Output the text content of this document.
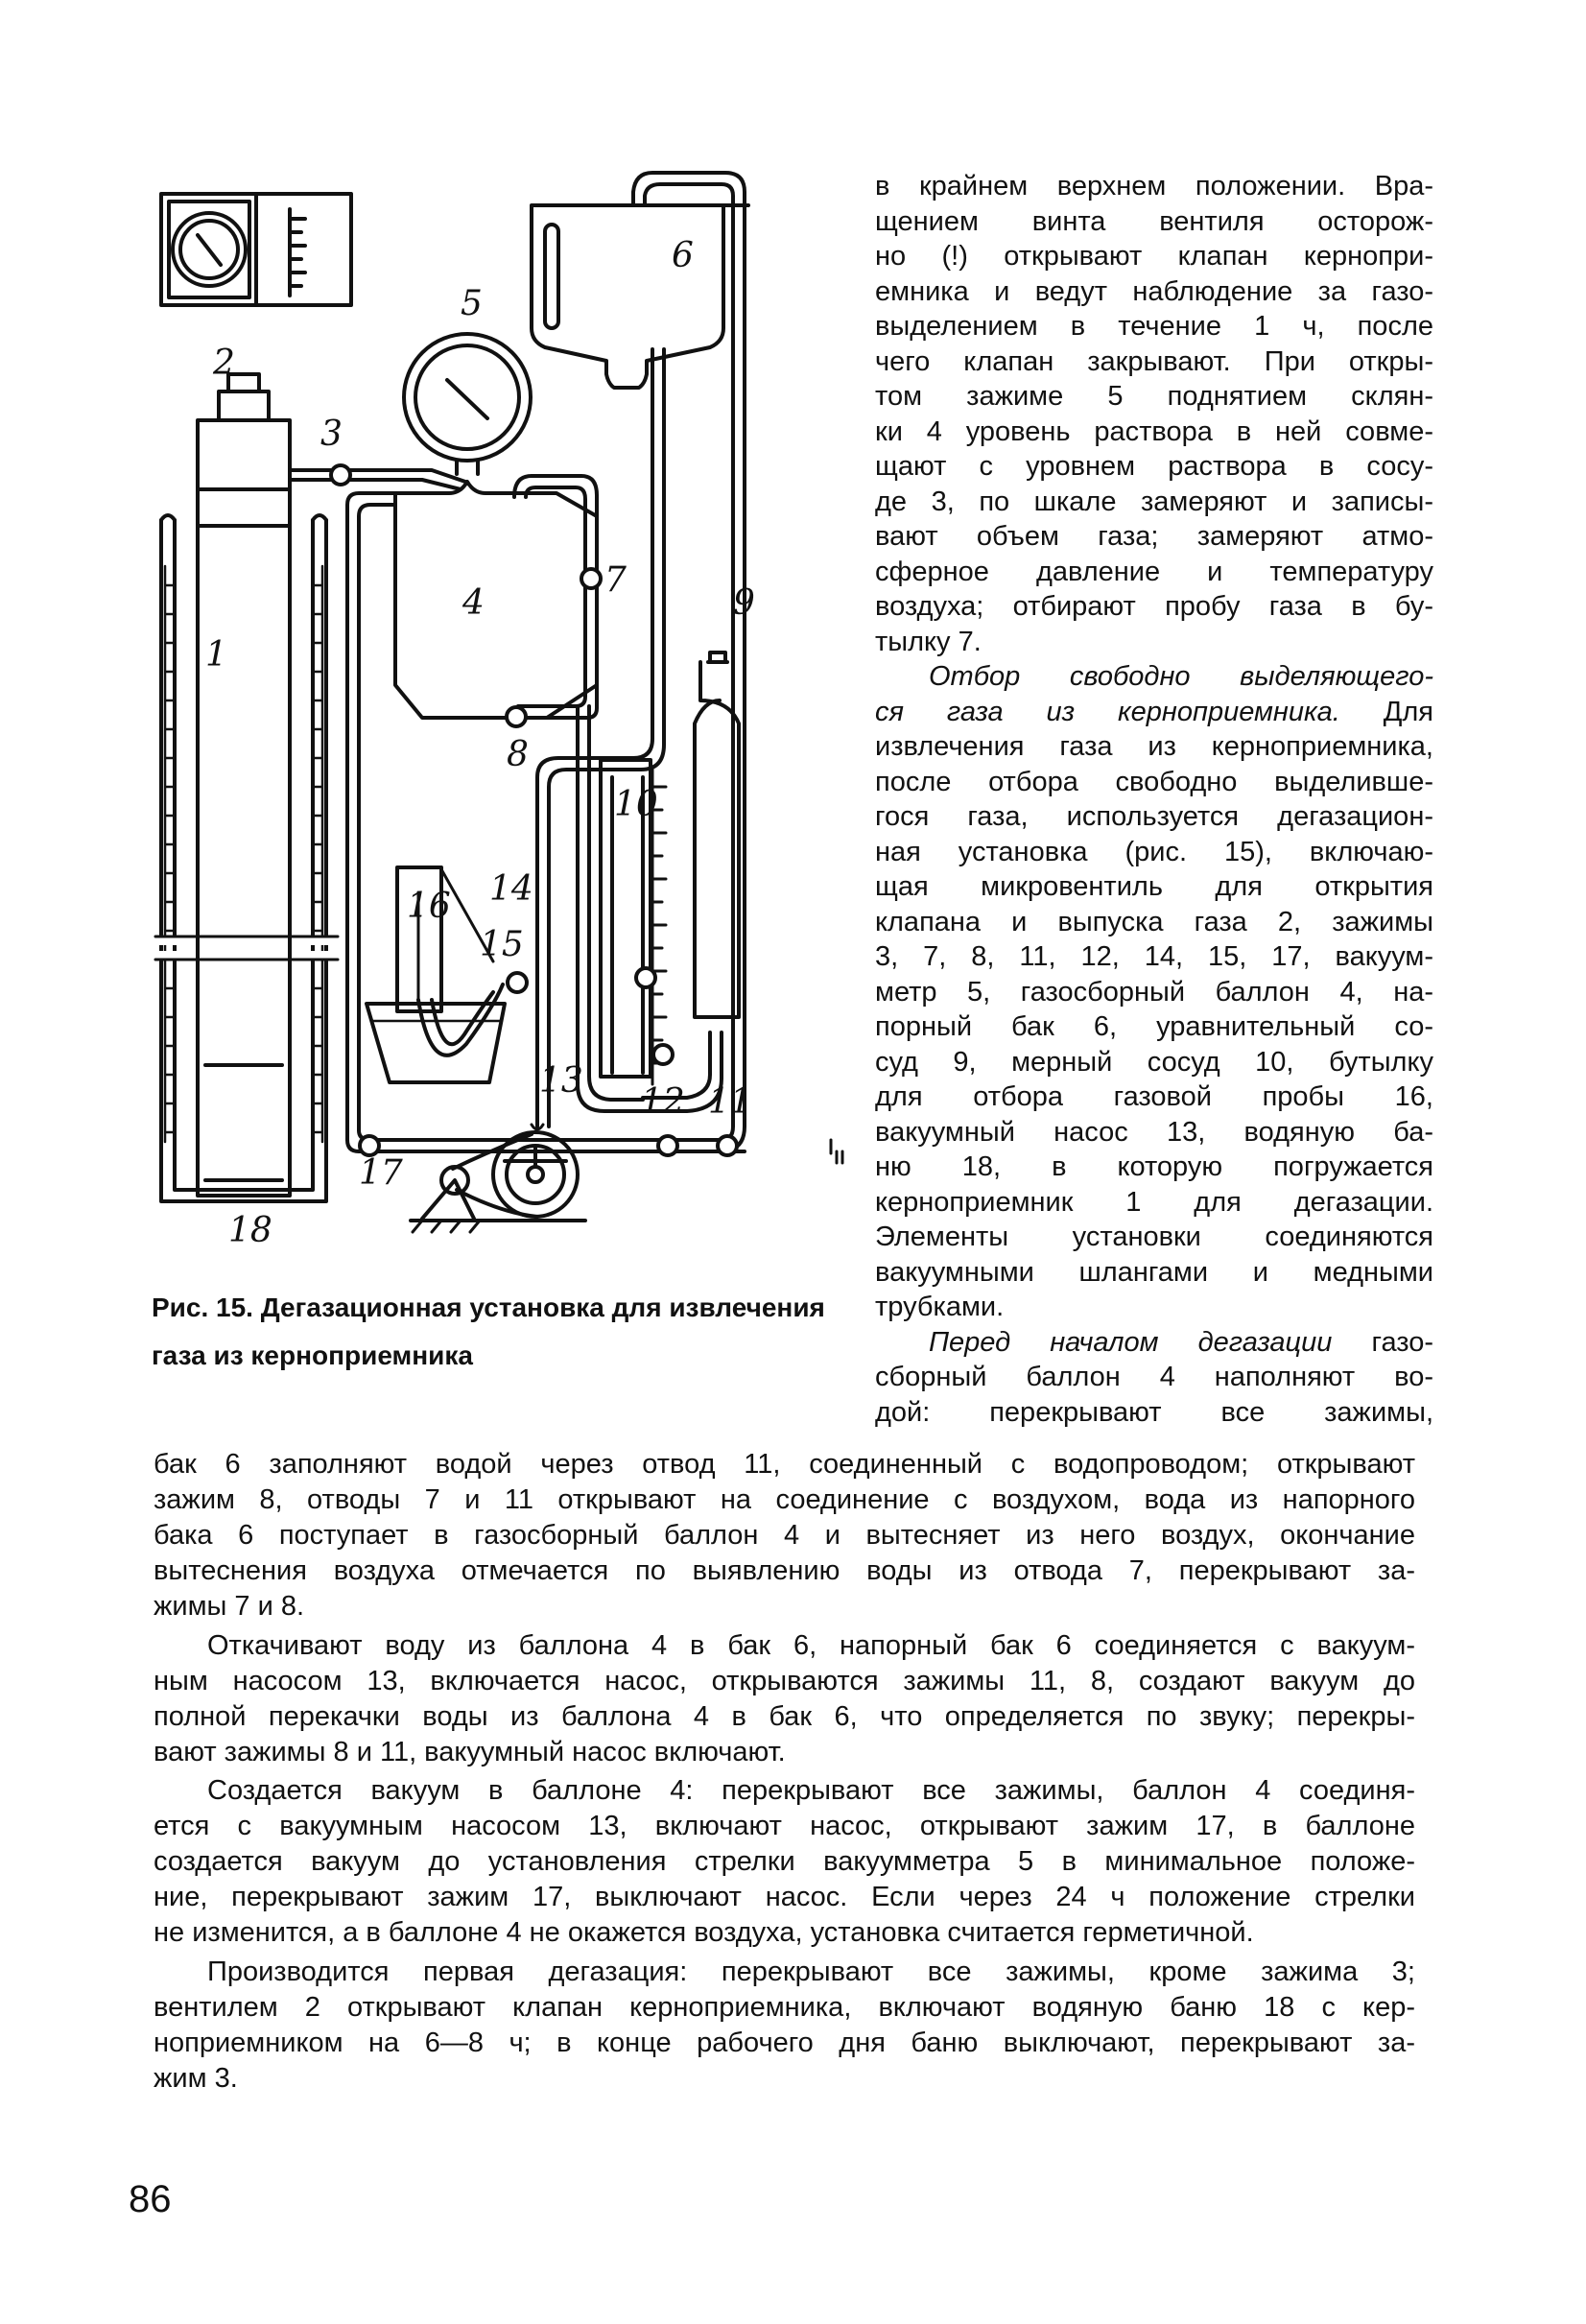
1
2
3
4
5
6
7
8
9
10
11
12
13
14
15
16
17
18
Рис. 15. Дегазационная установка для извлечения газа из керноприемника

в крайнем верхнем положении. Вра-

щением винта вентиля осторож-

но (!) открывают клапан кернопри-

емника и ведут наблюдение за газо-

выделением в течение 1 ч, после

чего клапан закрывают. При откры-

том зажиме 5 поднятием склян-

ки 4 уровень раствора в ней совме-

щают с уровнем раствора в сосу-

де 3, по шкале замеряют и записы-

вают объем газа; замеряют атмо-

сферное давление и температуру

воздуха; отбирают пробу газа в бу-

тылку 7.

Отбор свободно выделяющего-

ся газа из керноприемника. Для

извлечения газа из керноприемника,

после отбора свободно выделивше-

гося газа, используется дегазацион-

ная установка (рис. 15), включаю-

щая микровентиль для открытия

клапана и выпуска газа 2, зажимы

3, 7, 8, 11, 12, 14, 15, 17, вакуум-

метр 5, газосборный баллон 4, на-

порный бак 6, уравнительный со-

суд 9, мерный сосуд 10, бутылку

для отбора газовой пробы 16,

вакуумный насос 13, водяную ба-

ню 18, в которую погружается

керноприемник 1 для дегазации.

Элементы установки соединяются

вакуумными шлангами и медными

трубками.

Перед началом дегазации газо-

сборный баллон 4 наполняют во-

дой: перекрывают все зажимы,

бак 6 заполняют водой через отвод 11, соединенный с водопроводом; открывают

зажим 8, отводы 7 и 11 открывают на соединение с воздухом, вода из напорного

бака 6 поступает в газосборный баллон 4 и вытесняет из него воздух, окончание

вытеснения воздуха отмечается по выявлению воды из отвода 7, перекрывают за-

жимы 7 и 8.

Откачивают воду из баллона 4 в бак 6, напорный бак 6 соединяется с вакуум-

ным насосом 13, включается насос, открываются зажимы 11, 8, создают вакуум до

полной перекачки воды из баллона 4 в бак 6, что определяется по звуку; перекры-

вают зажимы 8 и 11, вакуумный насос включают.

Создается вакуум в баллоне 4: перекрывают все зажимы, баллон 4 соединя-

ется с вакуумным насосом 13, включают насос, открывают зажим 17, в баллоне

создается вакуум до установления стрелки вакуумметра 5 в минимальное положе-

ние, перекрывают зажим 17, выключают насос. Если через 24 ч положение стрелки

не изменится, а в баллоне 4 не окажется воздуха, установка считается герметичной.

Производится первая дегазация: перекрывают все зажимы, кроме зажима 3;

вентилем 2 открывают клапан керноприемника, включают водяную баню 18 с кер-

ноприемником на 6—8 ч; в конце рабочего дня баню выключают, перекрывают за-

жим 3.

86
